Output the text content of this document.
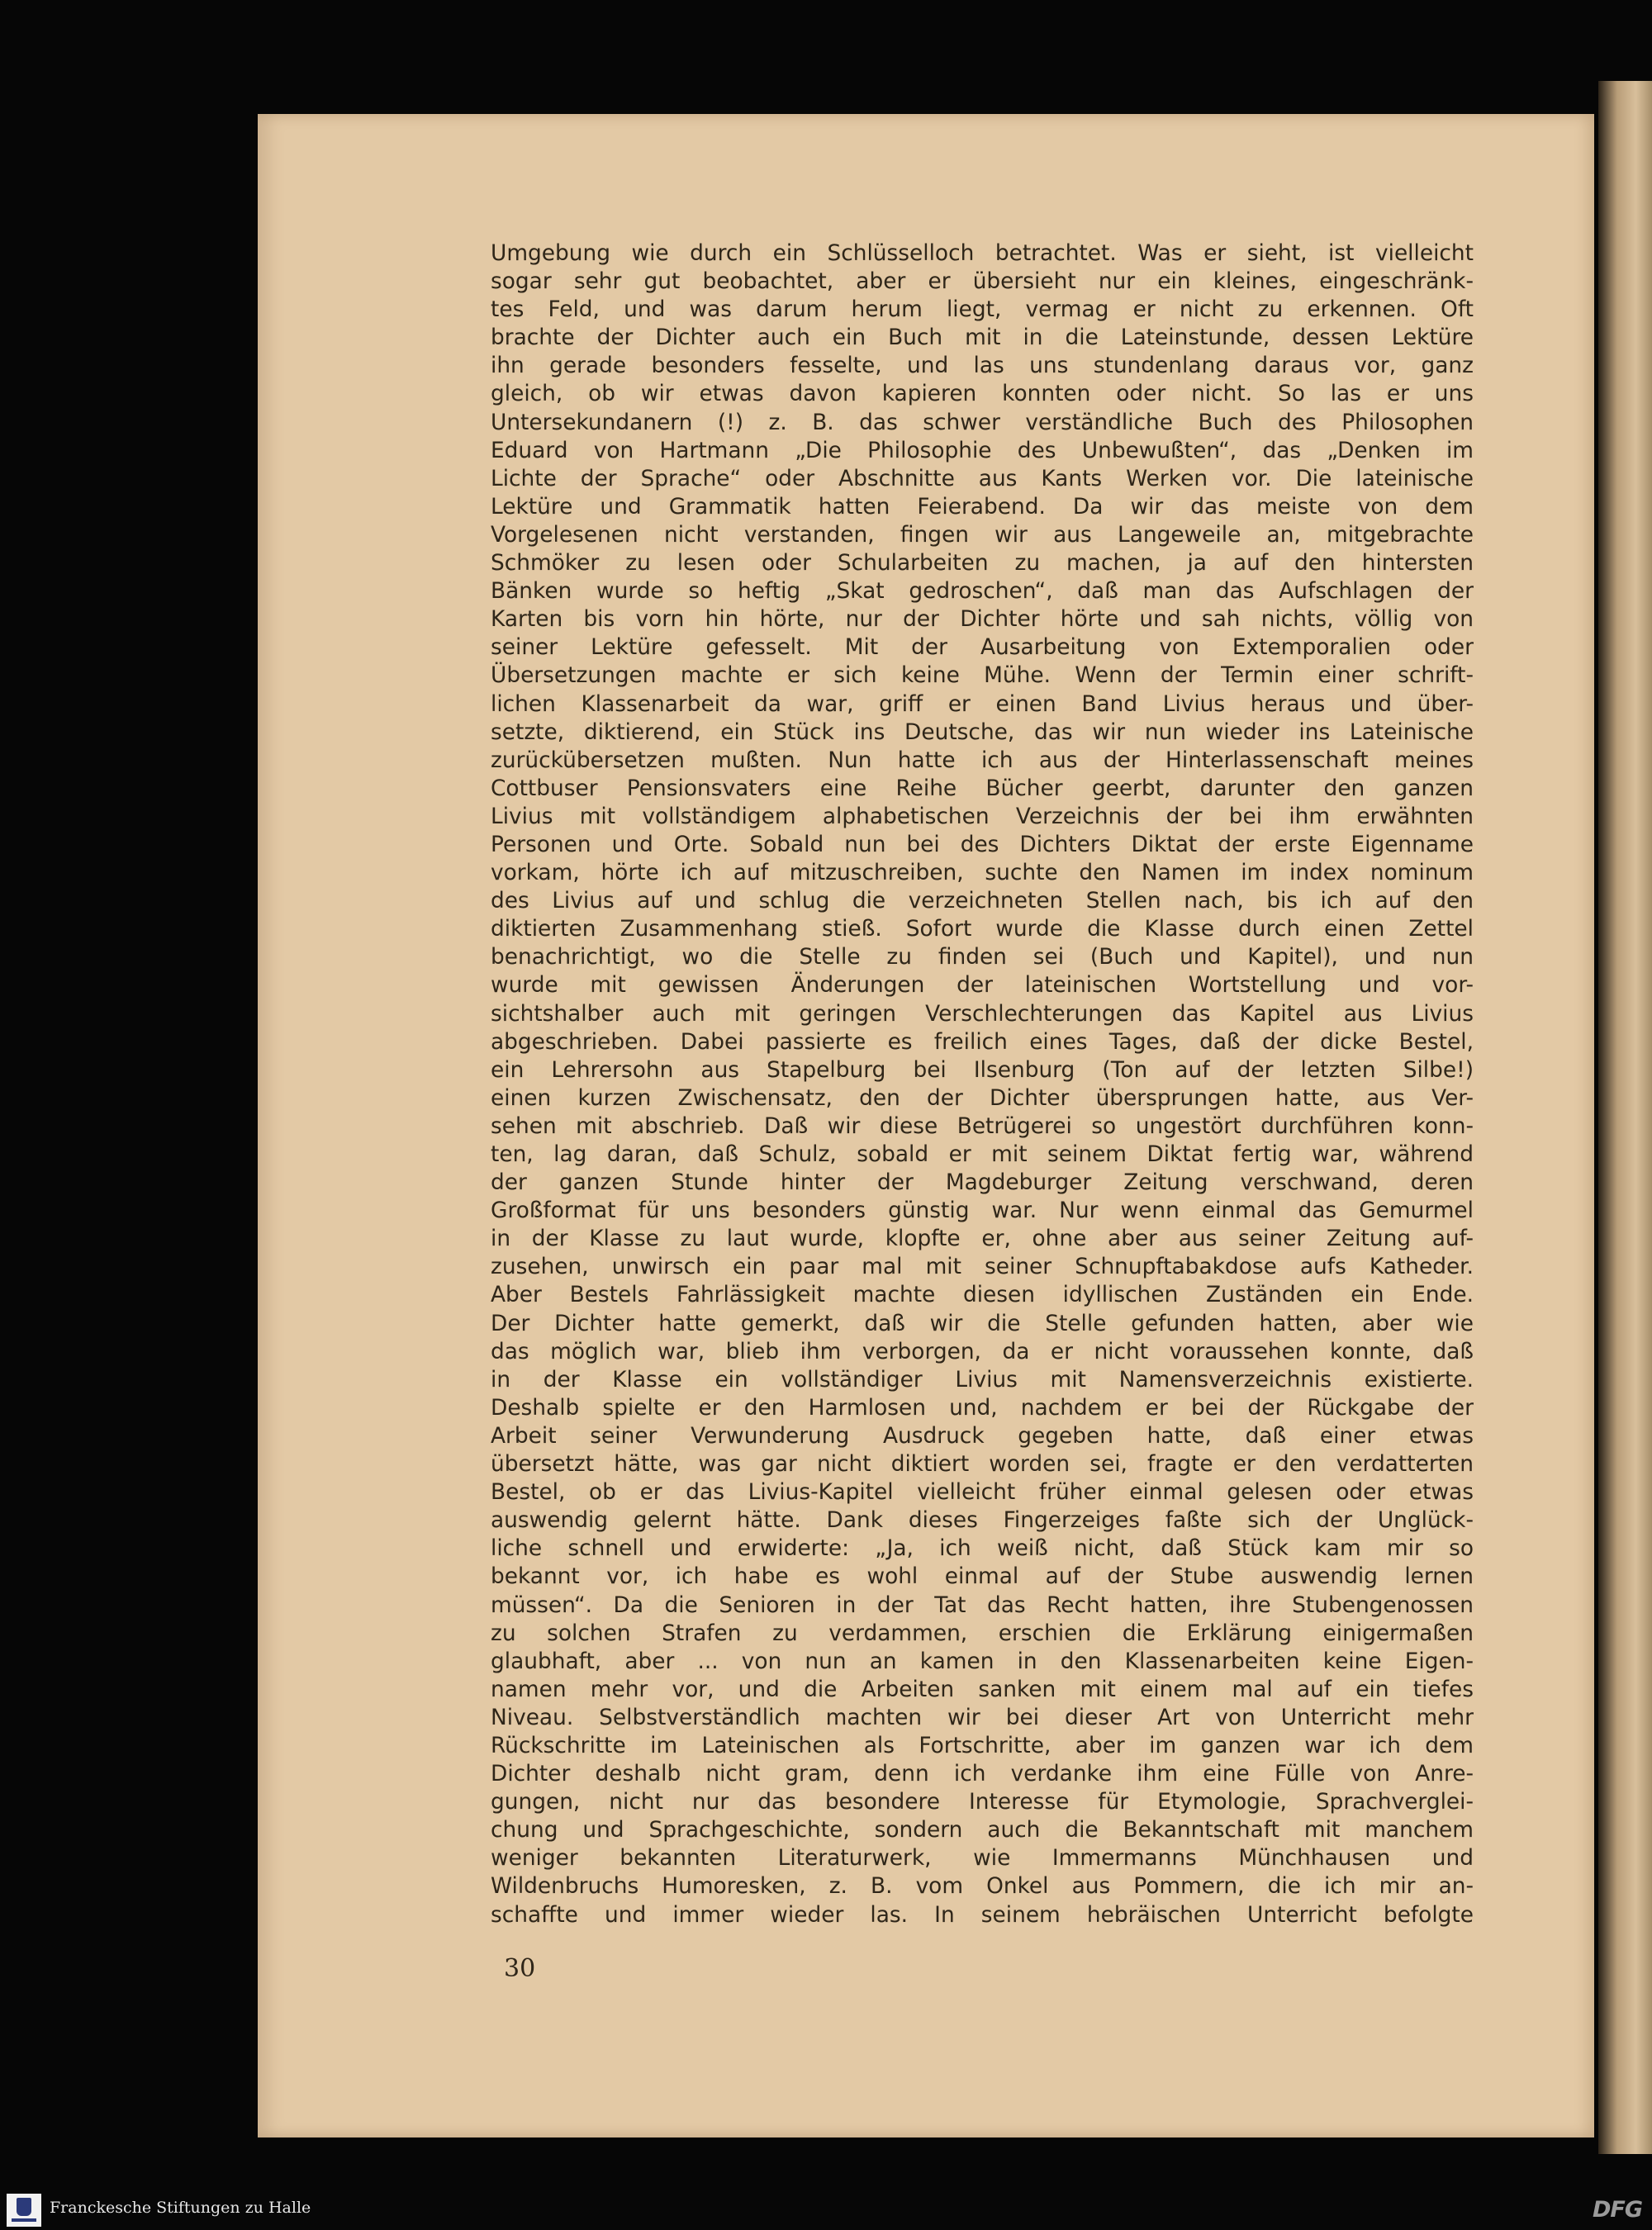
Umgebung wie durch ein Schlüsselloch betrachtet. Was er sieht, ist vielleicht
sogar sehr gut beobachtet, aber er übersieht nur ein kleines, eingeschränk-
tes Feld, und was darum herum liegt, vermag er nicht zu erkennen. Oft
brachte der Dichter auch ein Buch mit in die Lateinstunde, dessen Lektüre
ihn gerade besonders fesselte, und las uns stundenlang daraus vor, ganz
gleich, ob wir etwas davon kapieren konnten oder nicht. So las er uns
Untersekundanern (!) z. B. das schwer verständliche Buch des Philosophen
Eduard von Hartmann „Die Philosophie des Unbewußten“, das „Denken im
Lichte der Sprache“ oder Abschnitte aus Kants Werken vor. Die lateinische
Lektüre und Grammatik hatten Feierabend. Da wir das meiste von dem
Vorgelesenen nicht verstanden, fingen wir aus Langeweile an, mitgebrachte
Schmöker zu lesen oder Schularbeiten zu machen, ja auf den hintersten
Bänken wurde so heftig „Skat gedroschen“, daß man das Aufschlagen der
Karten bis vorn hin hörte, nur der Dichter hörte und sah nichts, völlig von
seiner Lektüre gefesselt. Mit der Ausarbeitung von Extemporalien oder
Übersetzungen machte er sich keine Mühe. Wenn der Termin einer schrift-
lichen Klassenarbeit da war, griff er einen Band Livius heraus und über-
setzte, diktierend, ein Stück ins Deutsche, das wir nun wieder ins Lateinische
zurückübersetzen mußten. Nun hatte ich aus der Hinterlassenschaft meines
Cottbuser Pensionsvaters eine Reihe Bücher geerbt, darunter den ganzen
Livius mit vollständigem alphabetischen Verzeichnis der bei ihm erwähnten
Personen und Orte. Sobald nun bei des Dichters Diktat der erste Eigenname
vorkam, hörte ich auf mitzuschreiben, suchte den Namen im index nominum
des Livius auf und schlug die verzeichneten Stellen nach, bis ich auf den
diktierten Zusammenhang stieß. Sofort wurde die Klasse durch einen Zettel
benachrichtigt, wo die Stelle zu finden sei (Buch und Kapitel), und nun
wurde mit gewissen Änderungen der lateinischen Wortstellung und vor-
sichtshalber auch mit geringen Verschlechterungen das Kapitel aus Livius
abgeschrieben. Dabei passierte es freilich eines Tages, daß der dicke Bestel,
ein Lehrersohn aus Stapelburg bei Ilsenburg (Ton auf der letzten Silbe!)
einen kurzen Zwischensatz, den der Dichter übersprungen hatte, aus Ver-
sehen mit abschrieb. Daß wir diese Betrügerei so ungestört durchführen konn-
ten, lag daran, daß Schulz, sobald er mit seinem Diktat fertig war, während
der ganzen Stunde hinter der Magdeburger Zeitung verschwand, deren
Großformat für uns besonders günstig war. Nur wenn einmal das Gemurmel
in der Klasse zu laut wurde, klopfte er, ohne aber aus seiner Zeitung auf-
zusehen, unwirsch ein paar mal mit seiner Schnupftabakdose aufs Katheder.
Aber Bestels Fahrlässigkeit machte diesen idyllischen Zuständen ein Ende.
Der Dichter hatte gemerkt, daß wir die Stelle gefunden hatten, aber wie
das möglich war, blieb ihm verborgen, da er nicht voraussehen konnte, daß
in der Klasse ein vollständiger Livius mit Namensverzeichnis existierte.
Deshalb spielte er den Harmlosen und, nachdem er bei der Rückgabe der
Arbeit seiner Verwunderung Ausdruck gegeben hatte, daß einer etwas
übersetzt hätte, was gar nicht diktiert worden sei, fragte er den verdatterten
Bestel, ob er das Livius-Kapitel vielleicht früher einmal gelesen oder etwas
auswendig gelernt hätte. Dank dieses Fingerzeiges faßte sich der Unglück-
liche schnell und erwiderte: „Ja, ich weiß nicht, daß Stück kam mir so
bekannt vor, ich habe es wohl einmal auf der Stube auswendig lernen
müssen“. Da die Senioren in der Tat das Recht hatten, ihre Stubengenossen
zu solchen Strafen zu verdammen, erschien die Erklärung einigermaßen
glaubhaft, aber ... von nun an kamen in den Klassenarbeiten keine Eigen-
namen mehr vor, und die Arbeiten sanken mit einem mal auf ein tiefes
Niveau. Selbstverständlich machten wir bei dieser Art von Unterricht mehr
Rückschritte im Lateinischen als Fortschritte, aber im ganzen war ich dem
Dichter deshalb nicht gram, denn ich verdanke ihm eine Fülle von Anre-
gungen, nicht nur das besondere Interesse für Etymologie, Sprachverglei-
chung und Sprachgeschichte, sondern auch die Bekanntschaft mit manchem
weniger bekannten Literaturwerk, wie Immermanns Münchhausen und
Wildenbruchs Humoresken, z. B. vom Onkel aus Pommern, die ich mir an-
schaffte und immer wieder las. In seinem hebräischen Unterricht befolgte
30
Franckesche Stiftungen zu Halle	DFG
